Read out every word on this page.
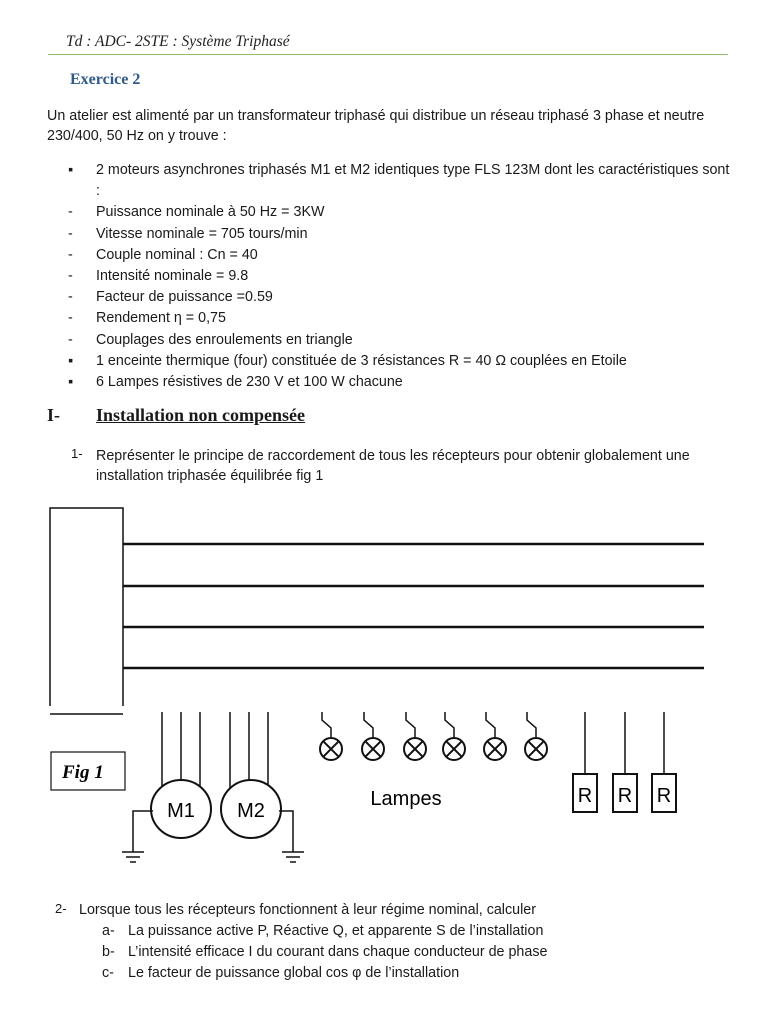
Td : ADC- 2STE : Système Triphasé
Exercice 2

Un atelier est alimenté par un transformateur triphasé qui distribue un réseau triphasé 3 phase et neutre 230/400, 50 Hz on y trouve :

▪	2 moteurs asynchrones triphasés M1 et M2 identiques type FLS 123M dont les caractéristiques sont :
-	Puissance nominale à 50 Hz = 3KW
-	Vitesse nominale = 705 tours/min
-	Couple nominal : Cn = 40
-	Intensité nominale = 9.8
-	Facteur de puissance =0.59
-	Rendement η = 0,75
-	Couplages des enroulements en triangle
▪	1 enceinte thermique (four) constituée de 3 résistances R = 40 Ω couplées en Etoile
▪	6 Lampes résistives de 230 V et 100 W chacune
I- Installation non compensée
1- Représenter le principe de raccordement de tous les récepteurs pour obtenir globalement une installation triphasée équilibrée fig 1
Fig 1
M1 M2
Lampes	R R R
2- Lorsque tous les récepteurs fonctionnent à leur régime nominal, calculer
a- La puissance active P, Réactive Q, et apparente S de l’installation
b- L’intensité efficace I du courant dans chaque conducteur de phase
c- Le facteur de puissance global cos φ de l’installation
